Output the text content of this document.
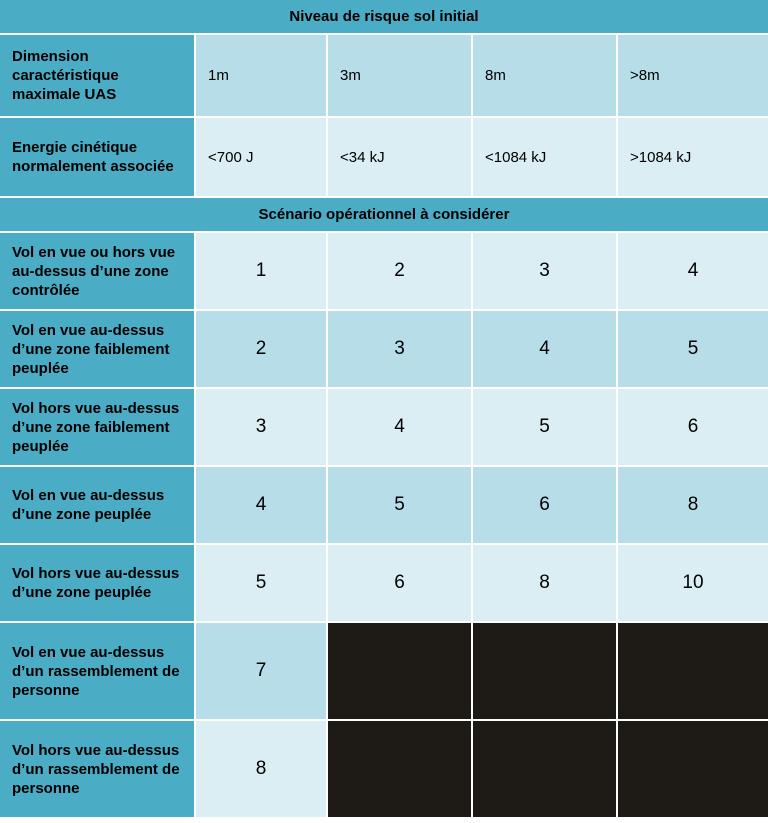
Niveau de risque sol initial
Dimension caractéristique maximale UAS
1m	3m	8m	>8m
Energie cinétique normalement associée
<700 J	<34 kJ	<1084 kJ	>1084 kJ
Scénario opérationnel à considérer
Vol en vue ou hors vue au-dessus d’une zone contrôlée
1	2	3	4
Vol en vue au-dessus d’une zone faiblement peuplée
2	3	4	5
Vol hors vue au-dessus d’une zone faiblement peuplée
3	4	5	6
Vol en vue au-dessus d’une zone peuplée	4	5	6	8
Vol hors vue au-dessus d’une zone peuplée	5	6	8	10
Vol en vue au-dessus d’un rassemblement de personne
7
Vol hors vue au-dessus d’un rassemblement de personne
8
